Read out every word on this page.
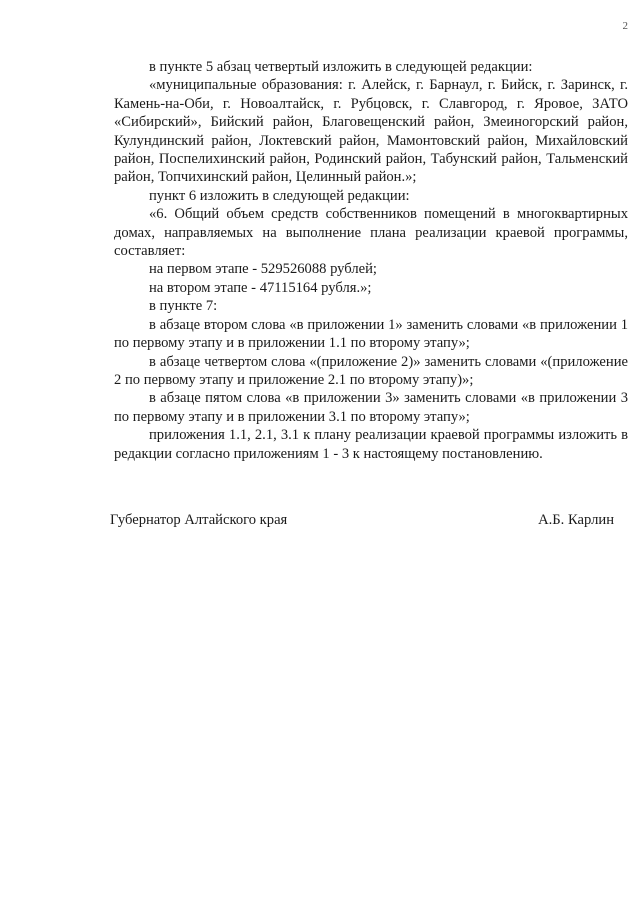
2

в пункте 5 абзац четвертый изложить в следующей редакции:

«муниципальные образования: г. Алейск, г. Барнаул, г. Бийск, г. Заринск, г. Камень-на-Оби, г. Новоалтайск, г. Рубцовск, г. Славгород, г. Яровое, ЗАТО «Сибирский», Бийский район, Благовещенский район, Змеиногорский район, Кулундинский район, Локтевский район, Мамонтовский район, Михайловский район, Поспелихинский район, Родинский район, Табунский район, Тальменский район, Топчихинский район, Целинный район.»;

пункт 6 изложить в следующей редакции:

«6. Общий объем средств собственников помещений в многоквартирных домах, направляемых на выполнение плана реализации краевой программы, составляет:

на первом этапе - 529526088 рублей;

на втором этапе - 47115164 рубля.»;

в пункте 7:

в абзаце втором слова «в приложении 1» заменить словами «в приложении 1 по первому этапу и в приложении 1.1 по второму этапу»;

в абзаце четвертом слова «(приложение 2)» заменить словами «(приложение 2 по первому этапу и приложение 2.1 по второму этапу)»;

в абзаце пятом слова «в приложении 3» заменить словами «в приложении 3 по первому этапу и в приложении 3.1 по второму этапу»;

приложения 1.1, 2.1, 3.1 к плану реализации краевой программы изложить в редакции согласно приложениям 1 - 3 к настоящему постановлению.

Губернатор Алтайского края	А.Б. Карлин
